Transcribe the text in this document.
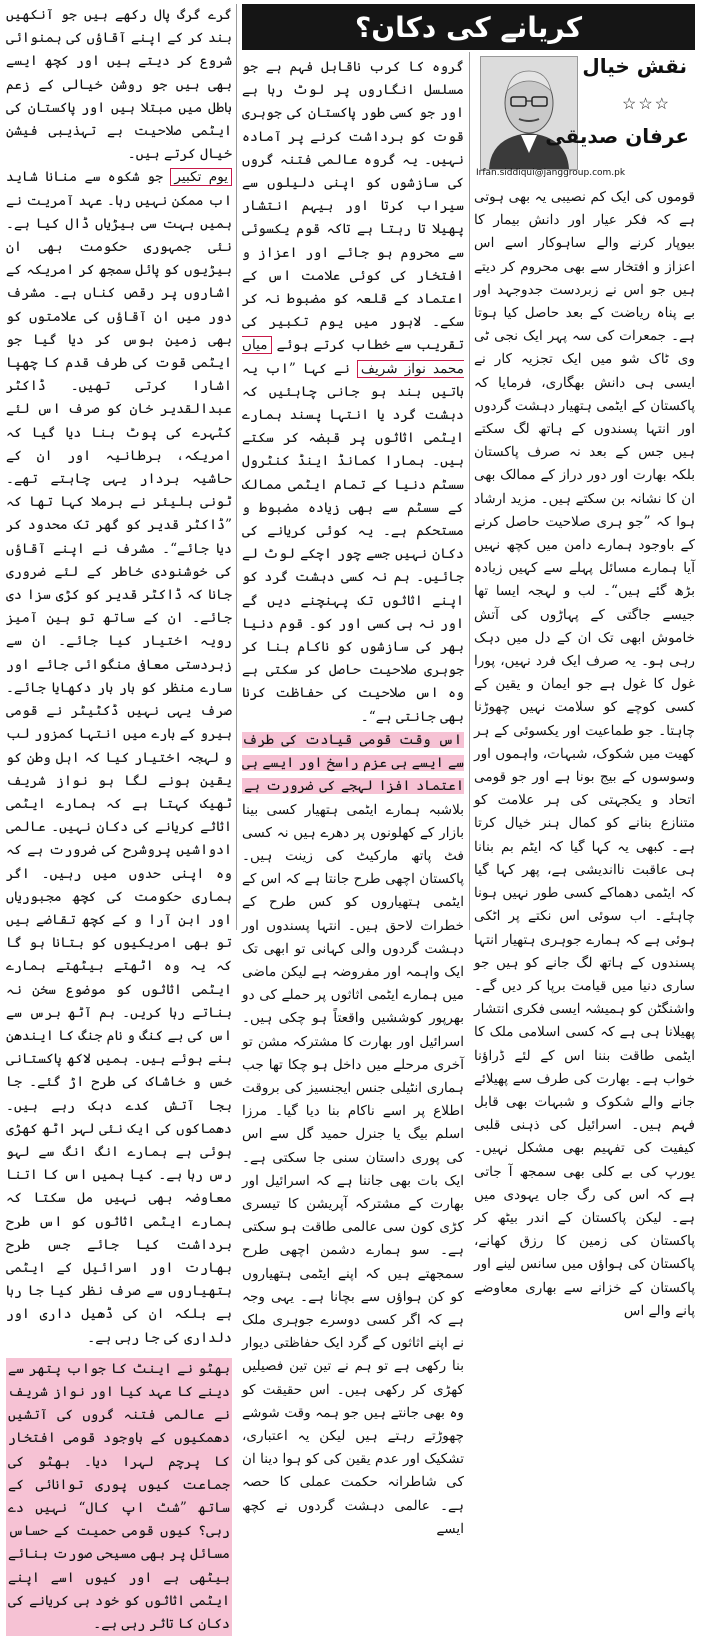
کریانے کی دکان؟
Irfan.siddiqui@janggroup.com.pk
نقش خیال
☆☆☆
عرفان صدیقی

قوموں کی ایک کم نصیبی یہ بھی ہوتی ہے کہ فکر عیار اور دانش بیمار کا بیوپار کرنے والے ساہوکار اسے اس اعزاز و افتخار سے بھی محروم کر دیتے ہیں جو اس نے زبردست جدوجہد اور بے پناہ ریاضت کے بعد حاصل کیا ہوتا ہے۔ جمعرات کی سہ پہر ایک نجی ٹی وی ٹاک شو میں ایک تجزیہ کار نے ایسی ہی دانش بھگاری، فرمایا کہ پاکستان کے ایٹمی ہتھیار دہشت گردوں اور انتہا پسندوں کے ہاتھ لگ سکتے ہیں جس کے بعد نہ صرف پاکستان بلکہ بھارت اور دور دراز کے ممالک بھی ان کا نشانہ بن سکتے ہیں۔ مزید ارشاد ہوا کہ ”جو ہری صلاحیت حاصل کرنے کے باوجود ہمارے دامن میں کچھ نہیں آیا ہمارے مسائل پہلے سے کہیں زیادہ بڑھ گئے ہیں“۔ لب و لہجہ ایسا تھا جیسے جاگتی کے پہاڑوں کی آتش خاموش ابھی تک ان کے دل میں دہک رہی ہو۔ یہ صرف ایک فرد نہیں، پورا غول کا غول ہے جو ایمان و یقین کے کسی کوچے کو سلامت نہیں چھوڑنا چاہتا۔ جو طماعیت اور یکسوئی کے ہر کھیت میں شکوک، شبہات، واہموں اور وسوسوں کے بیج بونا ہے اور جو قومی اتحاد و یکجہتی کی ہر علامت کو متنازع بنانے کو کمال ہنر خیال کرتا ہے۔ کبھی یہ کہا گیا کہ ایٹم بم بنانا ہی عاقبت نااندیشی ہے، پھر کہا گیا کہ ایٹمی دھماکے کسی طور نہیں ہونا چاہئے۔ اب سوئی اس نکتے پر اٹکی ہوئی ہے کہ ہمارے جوہری ہتھیار انتہا پسندوں کے ہاتھ لگ جانے کو ہیں جو ساری دنیا میں قیامت برپا کر دیں گے۔ واشنگٹن کو ہمیشہ ایسی فکری انتشار پھیلانا ہی ہے کہ کسی اسلامی ملک کا ایٹمی طاقت بننا اس کے لئے ڈراؤنا خواب ہے۔ بھارت کی طرف سے پھیلائے جانے والے شکوک و شبہات بھی قابل فہم ہیں۔ اسرائیل کی ذہنی قلبی کیفیت کی تفہیم بھی مشکل نہیں۔ یورپ کی بے کلی بھی سمجھ آ جاتی ہے کہ اس کی رگ جاں یہودی میں ہے۔ لیکن پاکستان کے اندر بیٹھ کر پاکستان کی زمین کا رزق کھانے، پاکستان کی ہواؤں میں سانس لینے اور پاکستان کے خزانے سے بھاری معاوضے پانے والے اس

گروہ کا کرب ناقابل فہم ہے جو مسلسل انگاروں پر لوٹ رہا ہے اور جو کسی طور پاکستان کی جوہری قوت کو برداشت کرنے پر آمادہ نہیں۔ یہ گروہ عالمی فتنہ گروں کی سازشوں کو اپنی دلیلوں سے سیراب کرتا اور بیہم انتشار پھیلا تا رہتا ہے تاکہ قوم یکسوئی سے محروم ہو جائے اور اعزاز و افتخار کی کوئی علامت اس کے اعتماد کے قلعہ کو مضبوط نہ کر سکے۔ لاہور میں یوم تکبیر کی تقریب سے خطاب کرتے ہوئے میاں محمد نواز شریف نے کہا ”اب یہ باتیں بند ہو جانی چاہئیں کہ دہشت گرد یا انتہا پسند ہمارے ایٹمی اثاثوں پر قبضہ کر سکتے ہیں۔ ہمارا کمانڈ اینڈ کنٹرول سسٹم دنیا کے تمام ایٹمی ممالک کے سسٹم سے بھی زیادہ مضبوط و مستحکم ہے۔ یہ کوئی کریانے کی دکان نہیں جسے چور اچکے لوٹ لے جائیں۔ ہم نہ کسی دہشت گرد کو اپنے اثاثوں تک پہنچنے دیں گے اور نہ ہی کسی اور کو۔ قوم دنیا بھر کی سازشوں کو ناکام بنا کر جوہری صلاحیت حاصل کر سکتی ہے وہ اس صلاحیت کی حفاظت کرنا بھی جانتی ہے“۔

اس وقت قومی قیادت کی طرف سے ایسے ہی عزم راسخ اور ایسے ہی اعتماد افزا لہجے کی ضرورت ہے بلاشبہ ہمارے ایٹمی ہتھیار کسی بینا بازار کے کھلونوں پر دھرے ہیں نہ کسی فٹ پاتھ مارکیٹ کی زینت ہیں۔ پاکستان اچھی طرح جانتا ہے کہ اس کے ایٹمی ہتھیاروں کو کس طرح کے خطرات لاحق ہیں۔ انتہا پسندوں اور دہشت گردوں والی کہانی تو ابھی تک ایک واہمہ اور مفروضہ ہے لیکن ماضی میں ہمارے ایٹمی اثاثوں پر حملے کی دو بھرپور کوششیں واقعتاً ہو چکی ہیں۔ اسرائیل اور بھارت کا مشترکہ مشن تو آخری مرحلے میں داخل ہو چکا تھا جب ہماری انٹیلی جنس ایجنسیز کی بروقت اطلاع پر اسے ناکام بنا دیا گیا۔ مرزا اسلم بیگ یا جنرل حمید گل سے اس کی پوری داستان سنی جا سکتی ہے۔ ایک بات بھی جاننا ہے کہ اسرائیل اور بھارت کے مشترکہ آپریشن کا تیسری کڑی کون سی عالمی طاقت ہو سکتی ہے۔ سو ہمارے دشمن اچھی طرح سمجھتے ہیں کہ اپنے ایٹمی ہتھیاروں کو کن ہواؤں سے بچانا ہے۔ یہی وجہ ہے کہ اگر کسی دوسرے جوہری ملک نے اپنے اثاثوں کے گرد ایک حفاظتی دیوار بنا رکھی ہے تو ہم نے تین تین فصیلیں کھڑی کر رکھی ہیں۔ اس حقیقت کو وہ بھی جانتے ہیں جو ہمہ وقت شوشے چھوڑتے رہتے ہیں لیکن یہ اعتباری، تشکیک اور عدم یقین کی کو ہوا دینا ان کی شاطرانہ حکمت عملی کا حصہ ہے۔ عالمی دہشت گردوں نے کچھ ایسے

گرے گرگ پال رکھے ہیں جو آنکھیں بند کر کے اپنے آقاؤں کی ہمنوائی شروع کر دیتے ہیں اور کچھ ایسے بھی ہیں جو روشن خیالی کے زعم باطل میں مبتلا ہیں اور پاکستان کی ایٹمی صلاحیت بے تہذیبی فیشن خیال کرتے ہیں۔

یوم تکبیر جو شکوہ سے منانا شاید اب ممکن نہیں رہا۔ عہد آمریت نے ہمیں بہت سی بیڑیاں ڈال کیا ہے۔ نئی جمہوری حکومت بھی ان بیڑیوں کو پائل سمجھ کر امریکہ کے اشاروں پر رقص کناں ہے۔ مشرف دور میں ان آقاؤں کی علامتوں کو بھی زمین بوس کر دیا گیا جو ایٹمی قوت کی طرف قدم کا چھپا اشارا کرتی تھیں۔ ڈاکٹر عبدالقدیر خان کو صرف اس لئے کٹہرے کی پوٹ بنا دیا گیا کہ امریکہ، برطانیہ اور ان کے حاشیہ بردار یہی چاہتے تھے۔ ٹونی بلیئر نے برملا کہا تھا کہ ”ڈاکٹر قدیر کو گھر تک محدود کر دیا جائے“۔ مشرف نے اپنے آقاؤں کی خوشنودی خاطر کے لئے ضروری جانا کہ ڈاکٹر قدیر کو کڑی سزا دی جائے۔ ان کے ساتھ تو ہین آمیز رویہ اختیار کیا جائے۔ ان سے زبردستی معافی منگوائی جائے اور سارے منظر کو بار بار دکھایا جائے۔ صرف یہی نہیں ڈکٹیٹر نے قومی ہیرو کے بارے میں انتہا کمزور لب و لہجہ اختیار کیا کہ اہل وطن کو یقین ہونے لگا ہو نواز شریف ٹھیک کہتا ہے کہ ہمارے ایٹمی اثاثے کریانے کی دکان نہیں۔ عالمی ادواشیں پروشرح کی ضرورت ہے کہ وہ اپنی حدوں میں رہیں۔ اگر ہماری حکومت کی کچھ مجبوریاں اور ابن آرا و کے کچھ تقاضے ہیں تو بھی امریکیوں کو بتانا ہو گا کہ یہ وہ اٹھتے بیٹھتے ہمارے ایٹمی اثاثوں کو موضوع سخن نہ بناتے رہا کریں۔ ہم آٹھ برس سے اس کی بے کنگ و نام جنگ کا ایندھن بنے ہوئے ہیں۔ ہمیں لاکھ پاکستانی خس و خاشاک کی طرح اڑ گئے۔ جا بجا آتش کدے دہک رہے ہیں۔ دھماکوں کی ایک نئی لہر اٹھ کھڑی ہوئی ہے ہمارے انگ انگ سے لہو رس رہا ہے۔ کیا ہمیں اس کا اتنا معاوضہ بھی نہیں مل سکتا کہ ہمارے ایٹمی اثاثوں کو اس طرح برداشت کیا جائے جس طرح بھارت اور اسرائیل کے ایٹمی ہتھیاروں سے صرف نظر کیا جا رہا ہے بلکہ ان کی ڈھیل داری اور دلداری کی جا رہی ہے۔

بھٹو نے اینٹ کا جواب پتھر سے دینے کا عہد کیا اور نواز شریف نے عالمی فتنہ گروں کی آتشیں دھمکیوں کے باوجود قومی افتخار کا پرچم لہرا دیا۔ بھٹو کی جماعت کیوں پوری توانائی کے ساتھ ”شٹ اپ کال“ نہیں دے رہی؟ کیوں قومی حمیت کے حساس مسائل پر بھی مسیحی صورت بنائے بیٹھی ہے اور کیوں اسے اپنے ایٹمی اثاثوں کو خود ہی کریانے کی دکان کا تاثر رہی ہے۔
